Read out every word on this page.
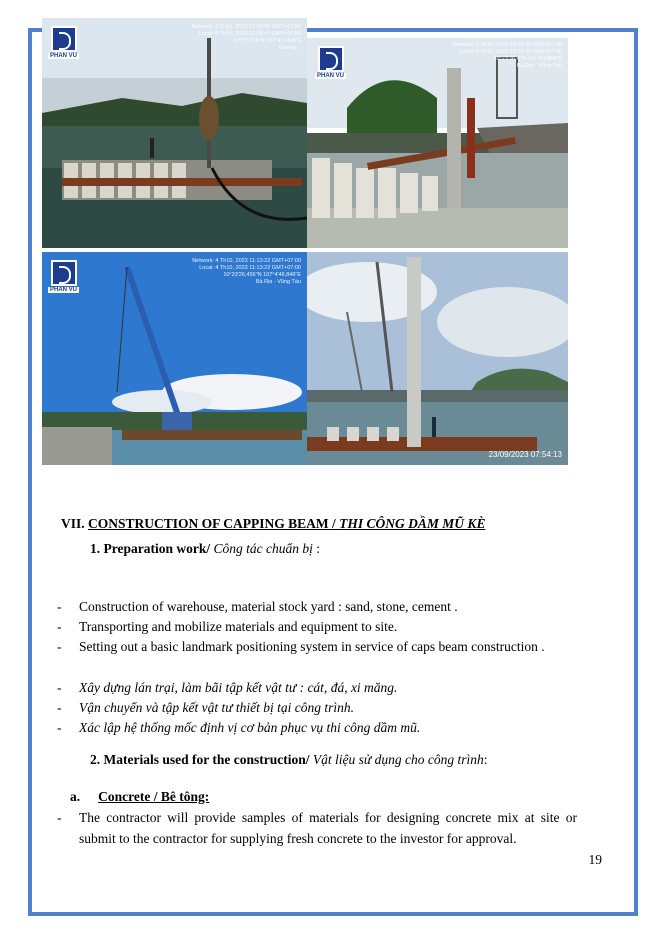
PHAN VŨ
Network: 4 Th10, 2023 17:08:49 GMT+07:00
Local: 4 Th10, 2023 17:08:47 GMT+07:00
10°23'27,6"N 107°4'3,438"E
Đường...
PHAN VŨ
Network: 6 Th10, 2023 15:52:49 GMT+07:00
Local: 6 Th10, 2023 15:52:49 GMT+07:00
10°23'26,4"N 107°4'3,856"E
Bà Rịa - Vũng Tàu
PHAN VŨ
Network: 4 Th10, 2023 11:13:22 GMT+07:00
Local: 4 Th10, 2023 11:13:22 GMT+07:00
10°23'26,456"N 107°4'46,846"E
Bà Rịa - Vũng Tàu
23/09/2023 07:54:13
VII. CONSTRUCTION OF CAPPING BEAM / THI CÔNG DẦM MŨ KÈ
1. Preparation work/ Công tác chuẩn bị :
- Construction of warehouse, material stock yard : sand, stone, cement .
- Transporting and mobilize materials and equipment to site.
- Setting out a basic landmark positioning system in service of caps beam construction .
- Xây dựng lán trại, làm bãi tập kết vật tư : cát, đá, xi măng.
- Vận chuyển và tập kết vật tư thiết bị tại công trình.
- Xác lập hệ thống mốc định vị cơ bản phục vụ thi công dầm mũ.
2. Materials used for the construction/ Vật liệu sử dụng cho công trình:
a. Concrete / Bê tông:
- The contractor will provide samples of materials for designing concrete mix at site or submit to the contractor for supplying fresh concrete to the investor for approval.
19
